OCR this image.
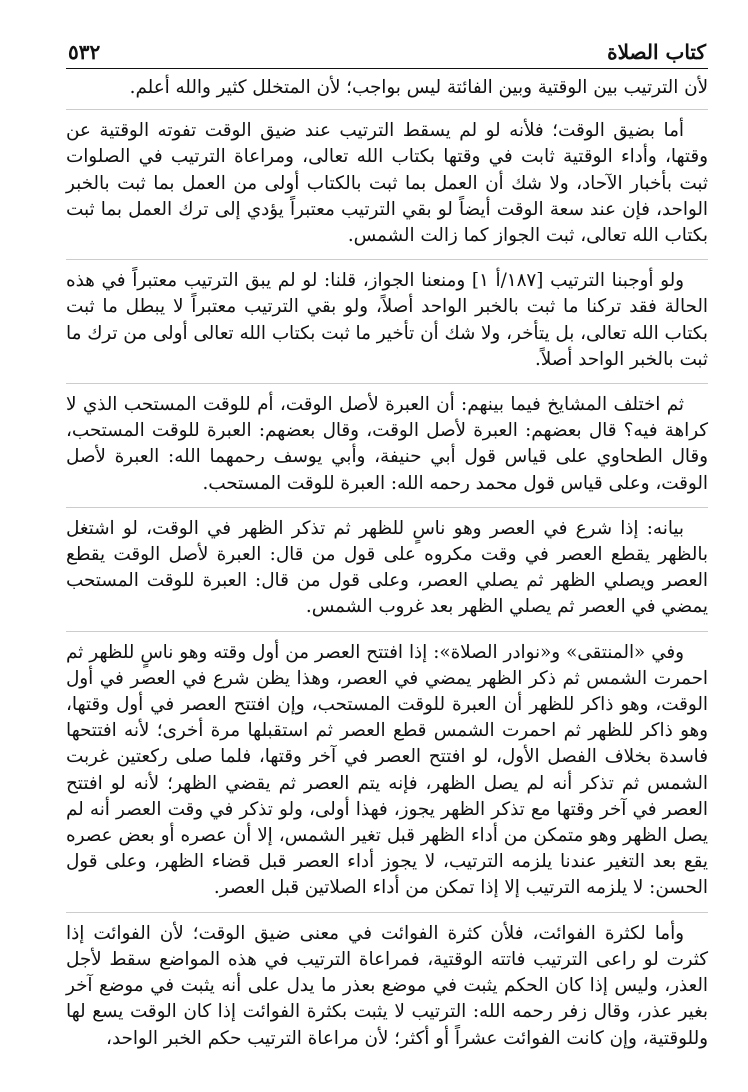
كتاب الصلاة
٥٣٢

لأن الترتيب بين الوقتية وبين الفائتة ليس بواجب؛ لأن المتخلل كثير والله أعلم.

أما بضيق الوقت؛ فلأنه لو لم يسقط الترتيب عند ضيق الوقت تفوته الوقتية عن وقتها، وأداء الوقتية ثابت في وقتها بكتاب الله تعالى، ومراعاة الترتيب في الصلوات ثبت بأخبار الآحاد، ولا شك أن العمل بما ثبت بالكتاب أولى من العمل بما ثبت بالخبر الواحد، فإن عند سعة الوقت أيضاً لو بقي الترتيب معتبراً يؤدي إلى ترك العمل بما ثبت بكتاب الله تعالى، ثبت الجواز كما زالت الشمس.

ولو أوجبنا الترتيب [١٨٧/أ ١] ومنعنا الجواز، قلنا: لو لم يبق الترتيب معتبراً في هذه الحالة فقد تركنا ما ثبت بالخبر الواحد أصلاً، ولو بقي الترتيب معتبراً لا يبطل ما ثبت بكتاب الله تعالى، بل يتأخر، ولا شك أن تأخير ما ثبت بكتاب الله تعالى أولى من ترك ما ثبت بالخبر الواحد أصلاً.

ثم اختلف المشايخ فيما بينهم: أن العبرة لأصل الوقت، أم للوقت المستحب الذي لا كراهة فيه؟ قال بعضهم: العبرة لأصل الوقت، وقال بعضهم: العبرة للوقت المستحب، وقال الطحاوي على قياس قول أبي حنيفة، وأبي يوسف رحمهما الله: العبرة لأصل الوقت، وعلى قياس قول محمد رحمه الله: العبرة للوقت المستحب.

بيانه: إذا شرع في العصر وهو ناسٍ للظهر ثم تذكر الظهر في الوقت، لو اشتغل بالظهر يقطع العصر في وقت مكروه على قول من قال: العبرة لأصل الوقت يقطع العصر ويصلي الظهر ثم يصلي العصر، وعلى قول من قال: العبرة للوقت المستحب يمضي في العصر ثم يصلي الظهر بعد غروب الشمس.

وفي «المنتقى» و«نوادر الصلاة»: إذا افتتح العصر من أول وقته وهو ناسٍ للظهر ثم احمرت الشمس ثم ذكر الظهر يمضي في العصر، وهذا يظن شرع في العصر في أول الوقت، وهو ذاكر للظهر أن العبرة للوقت المستحب، وإن افتتح العصر في أول وقتها، وهو ذاكر للظهر ثم احمرت الشمس قطع العصر ثم استقبلها مرة أخرى؛ لأنه افتتحها فاسدة بخلاف الفصل الأول، لو افتتح العصر في آخر وقتها، فلما صلى ركعتين غربت الشمس ثم تذكر أنه لم يصل الظهر، فإنه يتم العصر ثم يقضي الظهر؛ لأنه لو افتتح العصر في آخر وقتها مع تذكر الظهر يجوز، فهذا أولى، ولو تذكر في وقت العصر أنه لم يصل الظهر وهو متمكن من أداء الظهر قبل تغير الشمس، إلا أن عصره أو بعض عصره يقع بعد التغير عندنا يلزمه الترتيب، لا يجوز أداء العصر قبل قضاء الظهر، وعلى قول الحسن: لا يلزمه الترتيب إلا إذا تمكن من أداء الصلاتين قبل العصر.

وأما لكثرة الفوائت، فلأن كثرة الفوائت في معنى ضيق الوقت؛ لأن الفوائت إذا كثرت لو راعى الترتيب فاتته الوقتية، فمراعاة الترتيب في هذه المواضع سقط لأجل العذر، وليس إذا كان الحكم يثبت في موضع بعذر ما يدل على أنه يثبت في موضع آخر بغير عذر، وقال زفر رحمه الله: الترتيب لا يثبت بكثرة الفوائت إذا كان الوقت يسع لها وللوقتية، وإن كانت الفوائت عشراً أو أكثر؛ لأن مراعاة الترتيب حكم الخبر الواحد،
